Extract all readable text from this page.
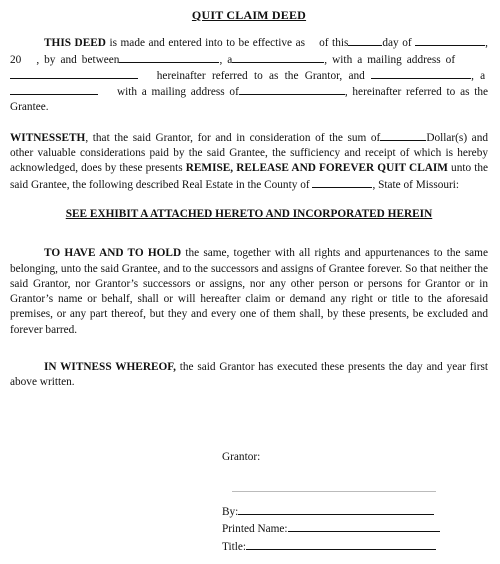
QUIT CLAIM DEED

THIS DEED is made and entered into to be effective as of this	day of	, 20 , by and between	, a	, with a mailing address of          hereinafter referred to as the Grantor, and	, a     with a mailing address of	, hereinafter referred to as the Grantee.

WITNESSETH, that the said Grantor, for and in consideration of the sum of	Dollar(s) and other valuable considerations paid by the said Grantee, the sufficiency and receipt of which is hereby acknowledged, does by these presents REMISE, RELEASE AND FOREVER QUIT CLAIM unto the said Grantee, the following described Real Estate in the County of	, State of Missouri:

SEE EXHIBIT A ATTACHED HERETO AND INCORPORATED HEREIN

TO HAVE AND TO HOLD the same, together with all rights and appurtenances to the same belonging, unto the said Grantee, and to the successors and assigns of Grantee forever. So that neither the said Grantor, nor Grantor’s successors or assigns, nor any other person or persons for Grantor or in Grantor’s name or behalf, shall or will hereafter claim or demand any right or title to the aforesaid premises, or any part thereof, but they and every one of them shall, by these presents, be excluded and forever barred.

IN WITNESS WHEREOF, the said Grantor has executed these presents the day and year first above written.

Grantor:
By:
Printed Name:
Title:
